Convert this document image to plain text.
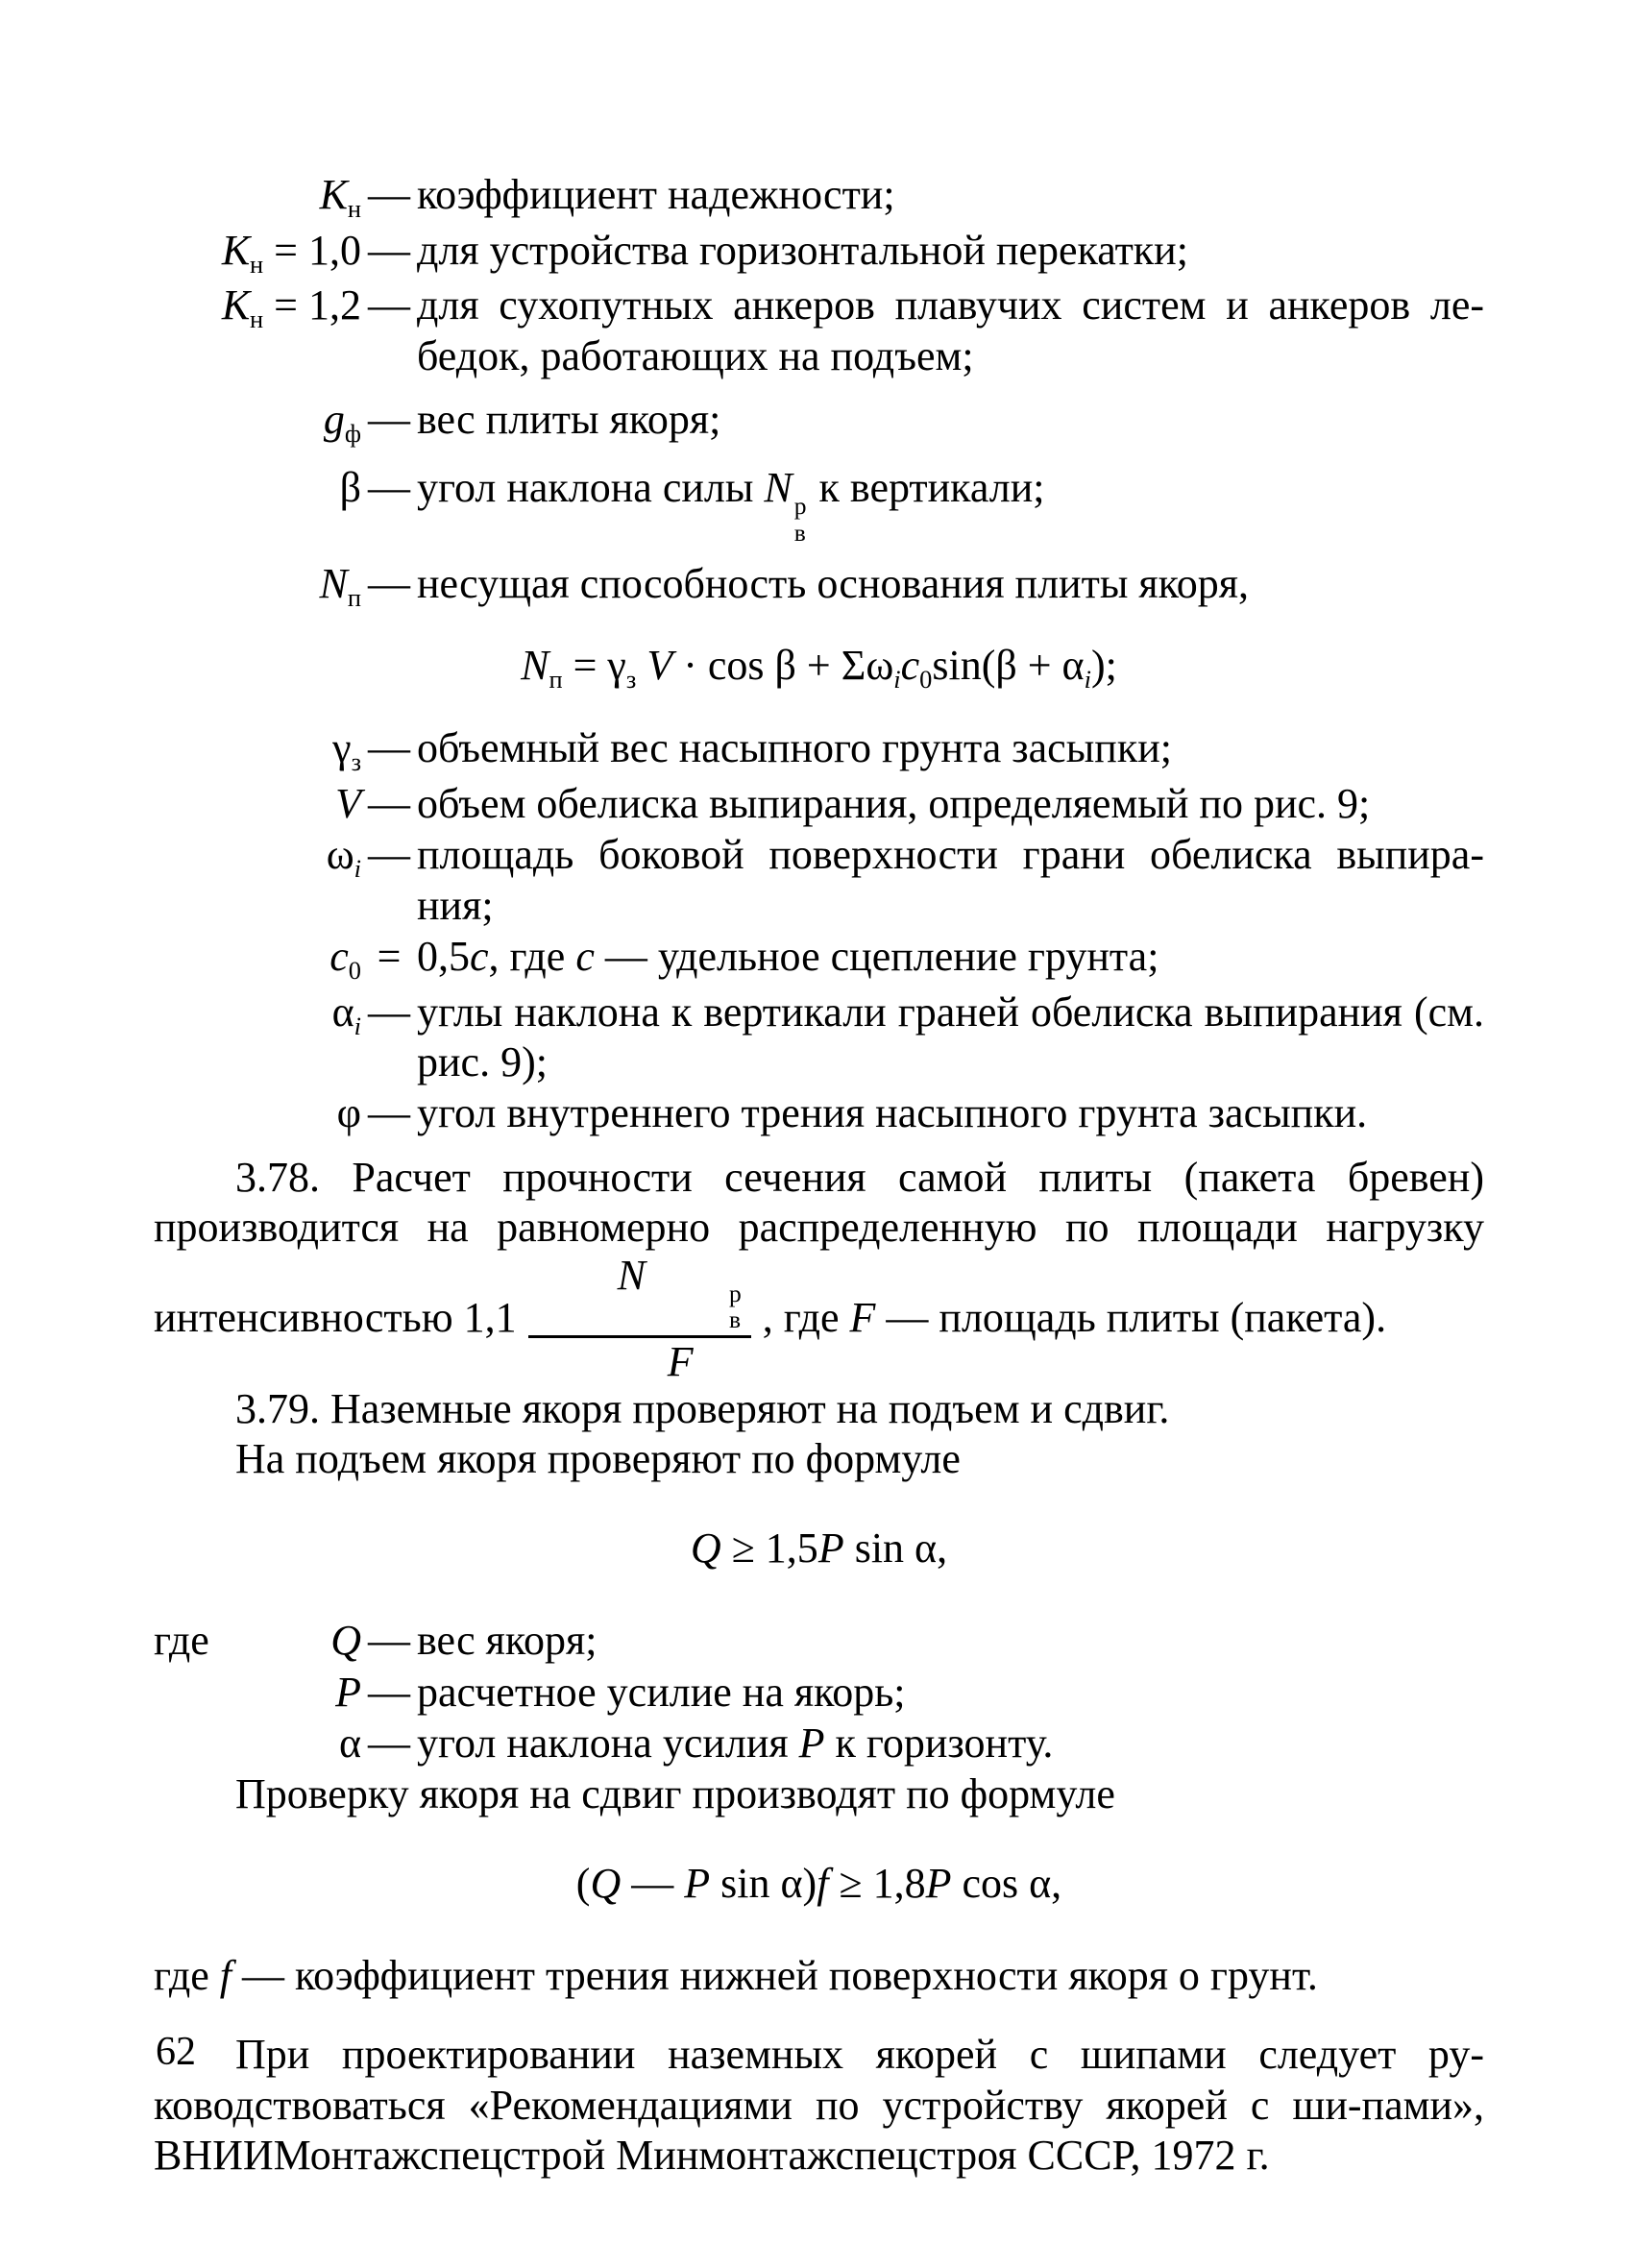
$К_н$ — коэффициент надежности;
$К_н = 1,0$ — для устройства горизонтальной перекатки;
$К_н = 1,2$ — для сухопутных анкеров плавучих систем и анкеров ле-бедок, работающих на подъем;
$g_ф$ — вес плиты якоря;
β — угол наклона силы N р
в
к вертикали;
$N_п$ — несущая способность основания плиты якоря,
$N_п = \gamma_з$ $V \cdot \cos \beta + \Sigma\omega_ic_0\sin(\beta + \alpha_i)$;
$\gamma_з$ — объемный вес насыпного грунта засыпки;
V — объем обелиска выпирания, определяемый по рис. 9;
$\omega_i$ — площадь боковой поверхности грани обелиска выпира-ния;
$c_0 = 0,5с$, где с — удельное сцепление грунта;
$\alpha_i$ — углы наклона к вертикали граней обелиска выпирания (см. рис. 9);
φ — угол внутреннего трения насыпного грунта засыпки.
3.78. Расчет прочности сечения самой плиты (пакета бревен) производится на равномерно распределенную по площади нагрузку интенсивностью 1,1 N	р
в
F , где F — площадь плиты (пакета).
3.79. Наземные якоря проверяют на подъем и сдвиг.
На подъем якоря проверяют по формуле
Q ≥ 1,5P sin α,
где	Q — вес якоря;
P — расчетное усилие на якорь;
α — угол наклона усилия P к горизонту.
Проверку якоря на сдвиг производят по формуле
(Q — P sin α)f ≥ 1,8P cos α,
где f — коэффициент трения нижней поверхности якоря о грунт.
При проектировании наземных якорей с шипами следует ру-ководствоваться «Рекомендациями по устройству якорей с ши-пами», ВНИИМонтажспецстрой Минмонтажспецстроя СССР, 1972 г.
62
